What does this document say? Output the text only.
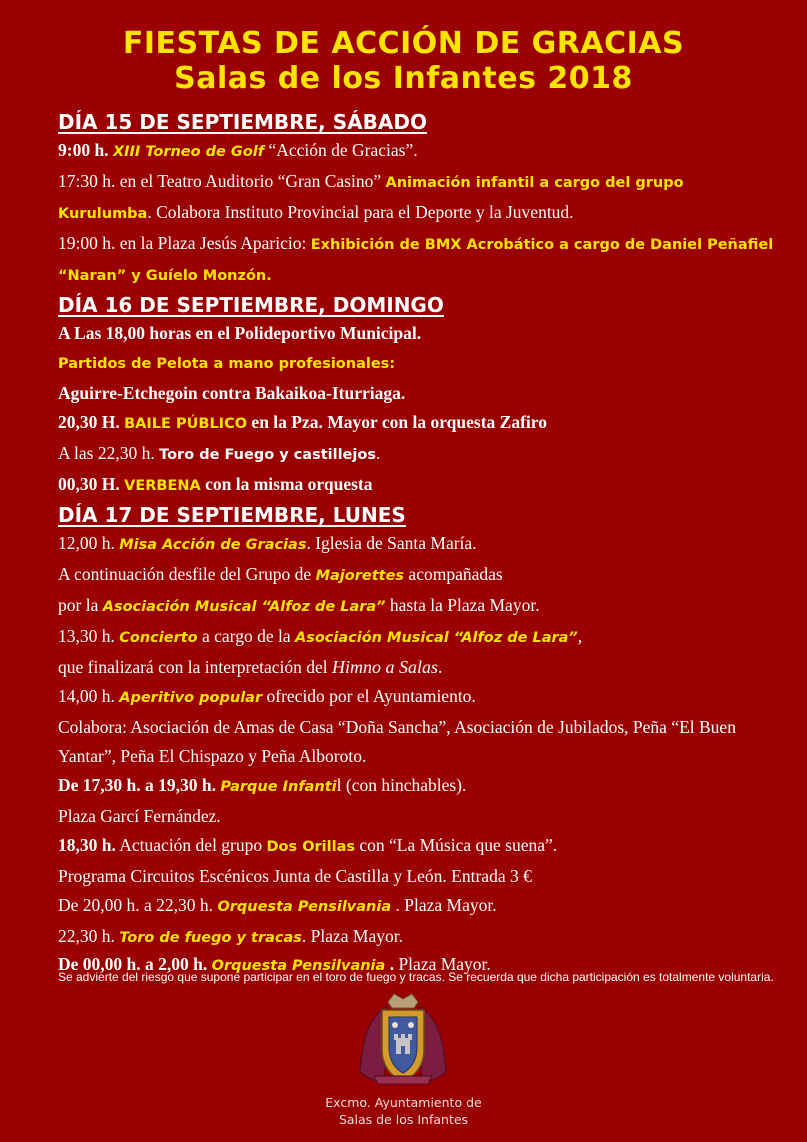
FIESTAS DE ACCIÓN DE GRACIAS
Salas de los Infantes 2018
DÍA 15 DE SEPTIEMBRE, SÁBADO
9:00 h. XIII Torneo de Golf “Acción de Gracias”.
17:30 h. en el Teatro Auditorio “Gran Casino” Animación infantil a cargo del grupo Kurulumba. Colabora Instituto Provincial para el Deporte y la Juventud.
19:00 h. en la Plaza Jesús Aparicio: Exhibición de BMX Acrobático a cargo de Daniel Peñafiel “Naran” y Guíelo Monzón.
DÍA 16 DE SEPTIEMBRE, DOMINGO
A Las 18,00 horas en el Polideportivo Municipal.
Partidos de Pelota a mano profesionales:
Aguirre-Etchegoin contra Bakaikoa-Iturriaga.
20,30 H. BAILE PÚBLICO en la Pza. Mayor con la orquesta Zafiro
A las 22,30 h. Toro de Fuego y castillejos.
00,30 H. VERBENA con la misma orquesta
DÍA 17 DE SEPTIEMBRE, LUNES
12,00 h. Misa Acción de Gracias. Iglesia de Santa María.
A continuación desfile del Grupo de Majorettes acompañadas
por la Asociación Musical “Alfoz de Lara” hasta la Plaza Mayor.
13,30 h. Concierto a cargo de la Asociación Musical “Alfoz de Lara”,
que finalizará con la interpretación del Himno a Salas.
14,00 h. Aperitivo popular ofrecido por el Ayuntamiento.
Colabora: Asociación de Amas de Casa “Doña Sancha”, Asociación de Jubilados, Peña “El Buen Yantar”, Peña El Chispazo y Peña Alboroto.
De 17,30 h. a 19,30 h. Parque Infantil (con hinchables).
Plaza Garcí Fernández.
18,30 h. Actuación del grupo Dos Orillas con “La Música que suena”.
Programa Circuitos Escénicos Junta de Castilla y León. Entrada 3 €
De 20,00 h. a 22,30 h. Orquesta Pensilvania . Plaza Mayor.
22,30 h. Toro de fuego y tracas. Plaza Mayor.
De 00,00 h. a 2,00 h. Orquesta Pensilvania . Plaza Mayor.
Se advierte del riesgo que supone participar en el toro de fuego y tracas. Se recuerda que dicha participación es totalmente voluntaria.
Excmo. Ayuntamiento de
Salas de los Infantes
